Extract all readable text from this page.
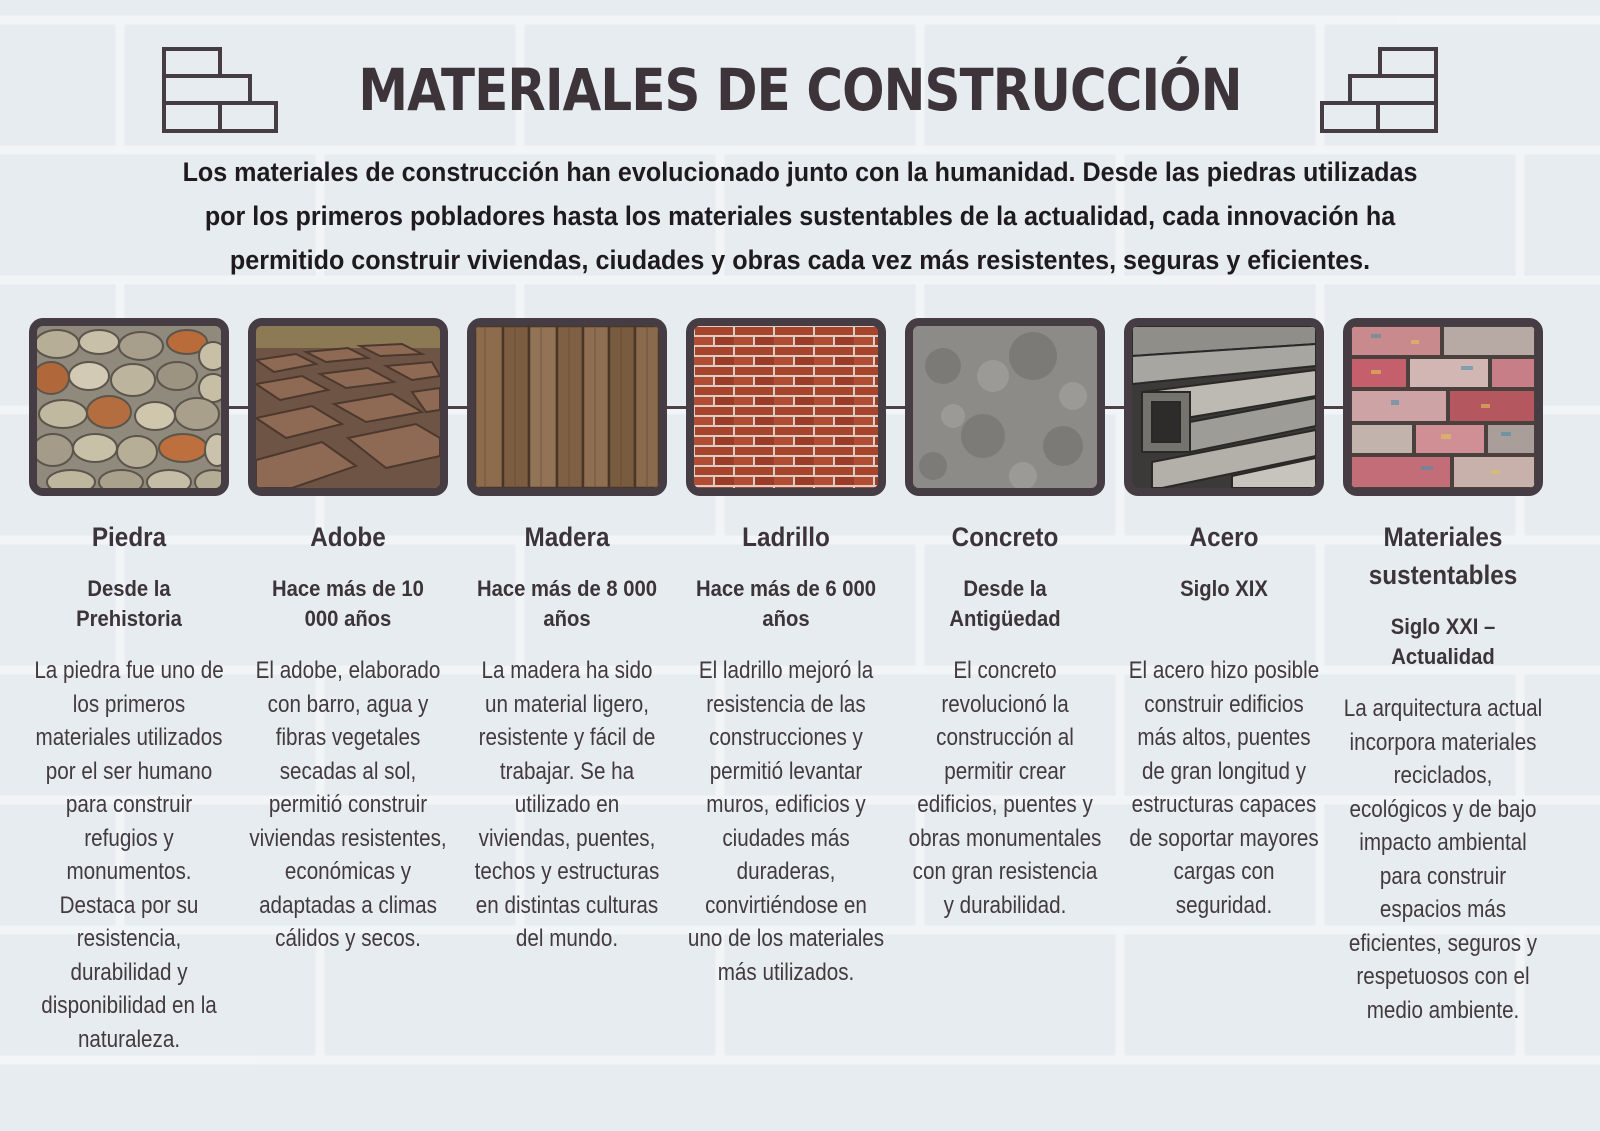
MATERIALES DE CONSTRUCCIÓN

Los materiales de construcción han evolucionado junto con la humanidad. Desde las piedras utilizadas por los primeros pobladores hasta los materiales sustentables de la actualidad, cada innovación ha permitido construir viviendas, ciudades y obras cada vez más resistentes, seguras y eficientes.

Piedra
Desde la Prehistoria
La piedra fue uno de los primeros materiales utilizados por el ser humano para construir refugios y monumentos. Destaca por su resistencia, durabilidad y disponibilidad en la naturaleza.
Adobe
Hace más de 10 000 años
El adobe, elaborado con barro, agua y fibras vegetales secadas al sol, permitió construir viviendas resistentes, económicas y adaptadas a climas cálidos y secos.
Madera
Hace más de 8 000 años
La madera ha sido un material ligero, resistente y fácil de trabajar. Se ha utilizado en viviendas, puentes, techos y estructuras en distintas culturas del mundo.
Ladrillo
Hace más de 6 000 años
El ladrillo mejoró la resistencia de las construcciones y permitió levantar muros, edificios y ciudades más duraderas, convirtiéndose en uno de los materiales más utilizados.
Concreto
Desde la Antigüedad
El concreto revolucionó la construcción al permitir crear edificios, puentes y obras monumentales con gran resistencia y durabilidad.
Acero
Siglo XIX
El acero hizo posible construir edificios más altos, puentes de gran longitud y estructuras capaces de soportar mayores cargas con seguridad.
Materiales sustentables
Siglo XXI – Actualidad
La arquitectura actual incorpora materiales reciclados, ecológicos y de bajo impacto ambiental para construir espacios más eficientes, seguros y respetuosos con el medio ambiente.
